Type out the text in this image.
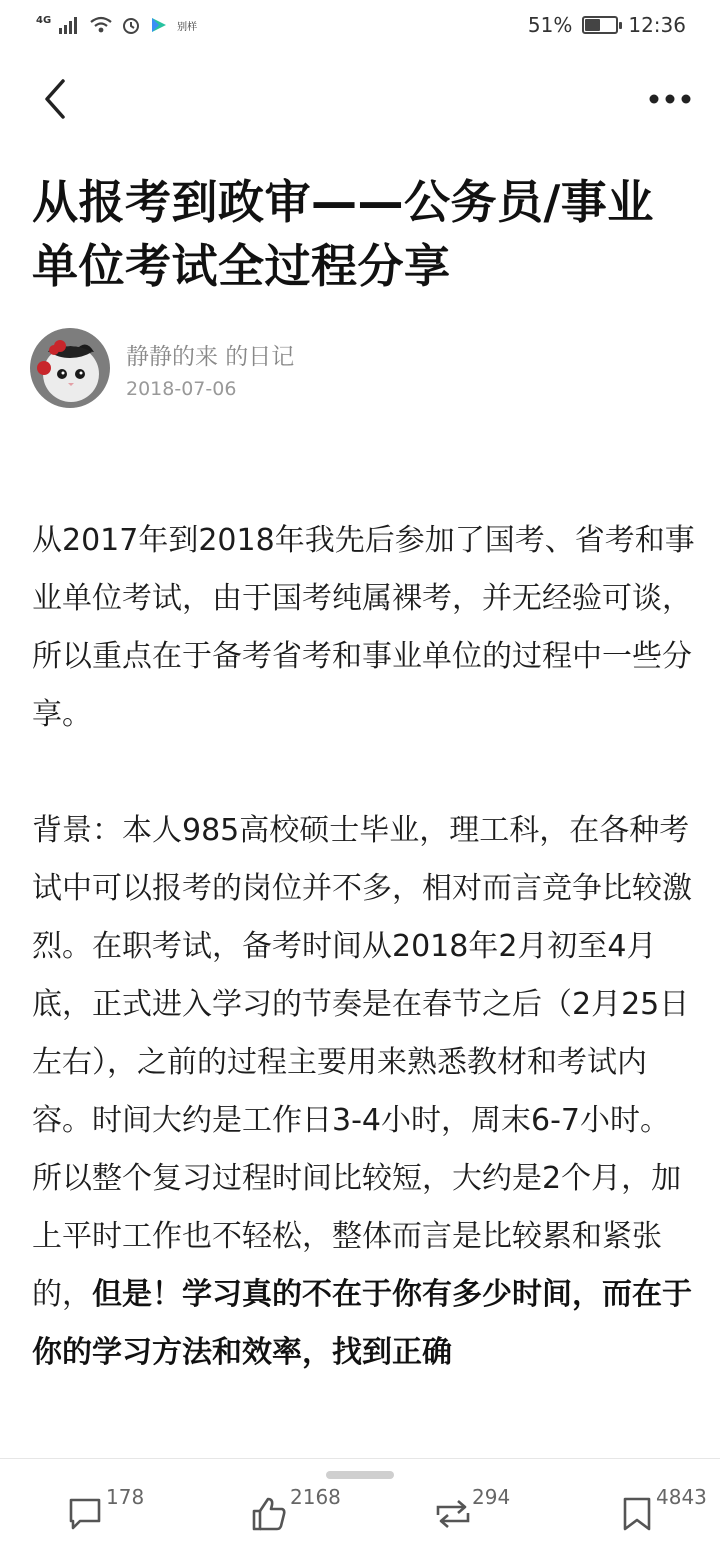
4G
别样	51%	12:36
从报考到政审——公务员/事业单位考试全过程分享
静静的来 的日记
2018-07-06

从2017年到2018年我先后参加了国考、省考和事业单位考试，由于国考纯属裸考，并无经验可谈，所以重点在于备考省考和事业单位的过程中一些分享。

背景：本人985高校硕士毕业，理工科，在各种考试中可以报考的岗位并不多，相对而言竞争比较激烈。在职考试，备考时间从2018年2月初至4月底，正式进入学习的节奏是在春节之后（2月25日左右），之前的过程主要用来熟悉教材和考试内容。时间大约是工作日3-4小时，周末6-7小时。所以整个复习过程时间比较短，大约是2个月，加上平时工作也不轻松，整体而言是比较累和紧张的，但是！学习真的不在于你有多少时间，而在于你的学习方法和效率，找到正确

178	2168	294	4843
